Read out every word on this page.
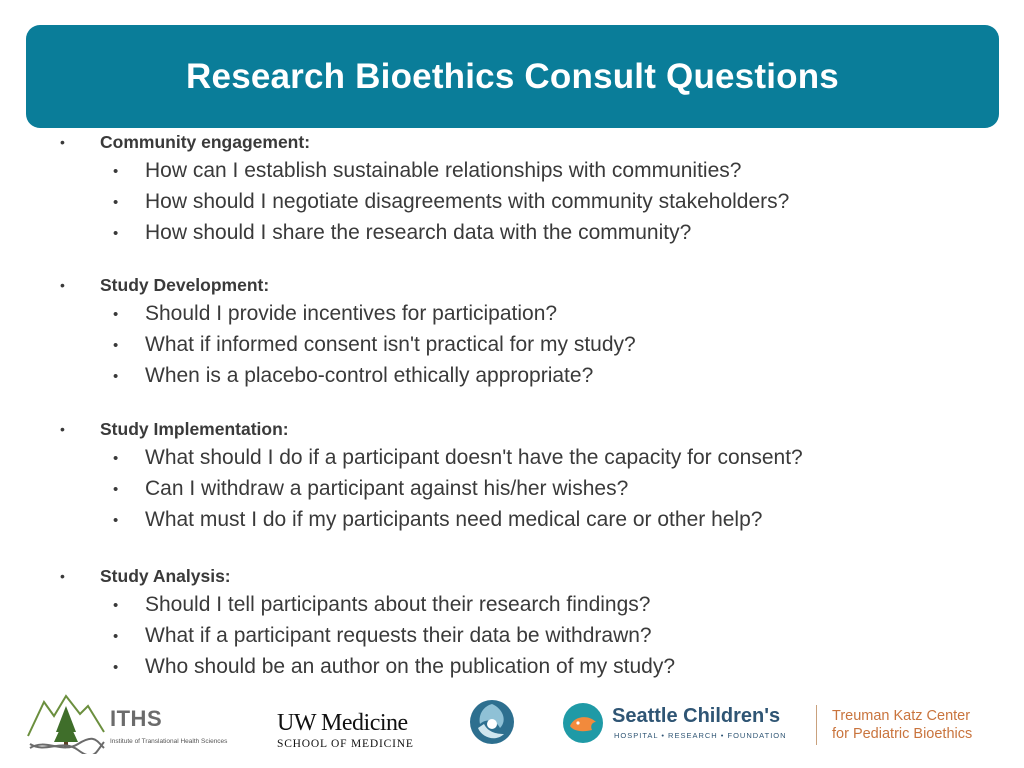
Research Bioethics Consult Questions
•	Community engagement:
•	How can I establish sustainable relationships with communities?
•	How should I negotiate disagreements with community stakeholders?
•	How should I share the research data with the community?
•	Study Development:
•	Should I provide incentives for participation?
•	What if informed consent isn't practical for my study?
•	When is a placebo-control ethically appropriate?
•	Study Implementation:
•	What should I do if a participant doesn't have the capacity for consent?
•	Can I withdraw a participant against his/her wishes?
•	What must I do if my participants need medical care or other help?
•	Study Analysis:
•	Should I tell participants about their research findings?
•	What if a participant requests their data be withdrawn?
•	Who should be an author on the publication of my study?
ITHS
Institute of Translational Health Sciences
UW Medicine
SCHOOL OF MEDICINE
Seattle Children's
HOSPITAL • RESEARCH • FOUNDATION
Treuman Katz Center
for Pediatric Bioethics
